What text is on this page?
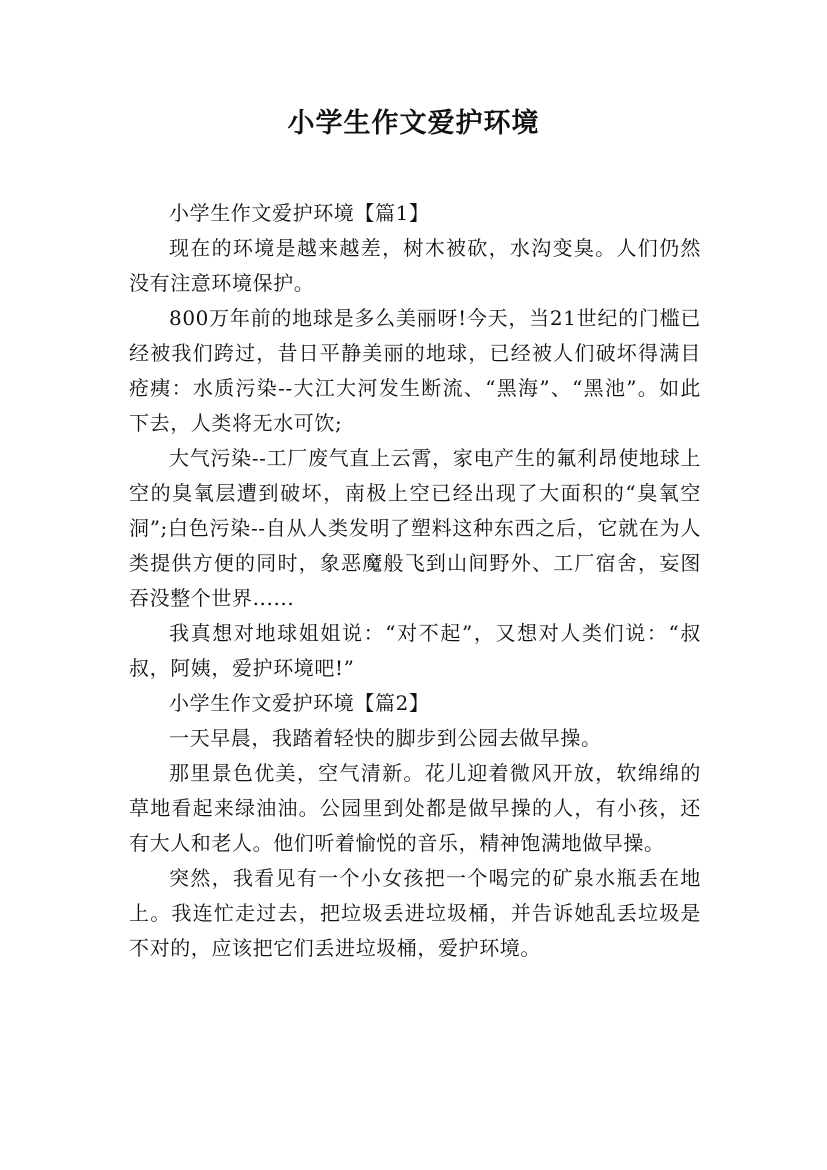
小学生作文爱护环境

小学生作文爱护环境【篇1】

现在的环境是越来越差，树木被砍，水沟变臭。人们仍然没有注意环境保护。

800万年前的地球是多么美丽呀!今天，当21世纪的门槛已经被我们跨过，昔日平静美丽的地球，已经被人们破坏得满目疮痍：水质污染--大江大河发生断流、“黑海”、“黑池”。如此下去，人类将无水可饮;

大气污染--工厂废气直上云霄，家电产生的氟利昂使地球上空的臭氧层遭到破坏，南极上空已经出现了大面积的“臭氧空洞”;白色污染--自从人类发明了塑料这种东西之后，它就在为人类提供方便的同时，象恶魔般飞到山间野外、工厂宿舍，妄图吞没整个世界......

我真想对地球姐姐说：“对不起”，又想对人类们说：“叔叔，阿姨，爱护环境吧!”

小学生作文爱护环境【篇2】

一天早晨，我踏着轻快的脚步到公园去做早操。

那里景色优美，空气清新。花儿迎着微风开放，软绵绵的草地看起来绿油油。公园里到处都是做早操的人，有小孩，还有大人和老人。他们听着愉悦的音乐，精神饱满地做早操。

突然，我看见有一个小女孩把一个喝完的矿泉水瓶丢在地上。我连忙走过去，把垃圾丢进垃圾桶，并告诉她乱丢垃圾是不对的，应该把它们丢进垃圾桶，爱护环境。
